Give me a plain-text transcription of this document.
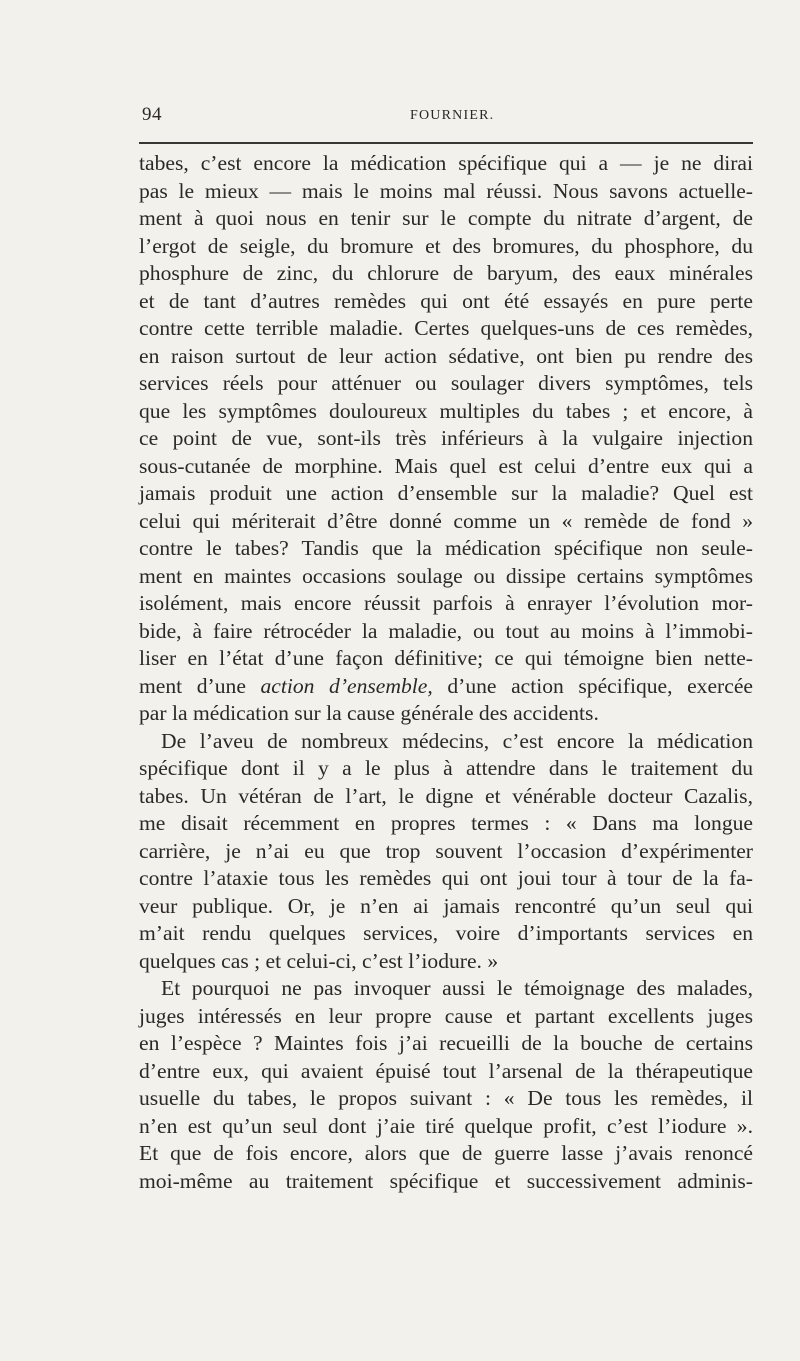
94	FOURNIER.
tabes, c’est encore la médication spécifique qui a — je ne dirai
pas le mieux — mais le moins mal réussi. Nous savons actuelle-
ment à quoi nous en tenir sur le compte du nitrate d’argent, de
l’ergot de seigle, du bromure et des bromures, du phosphore, du
phosphure de zinc, du chlorure de baryum, des eaux minérales
et de tant d’autres remèdes qui ont été essayés en pure perte
contre cette terrible maladie. Certes quelques-uns de ces remèdes,
en raison surtout de leur action sédative, ont bien pu rendre des
services réels pour atténuer ou soulager divers symptômes, tels
que les symptômes douloureux multiples du tabes ; et encore, à
ce point de vue, sont-ils très inférieurs à la vulgaire injection
sous-cutanée de morphine. Mais quel est celui d’entre eux qui a
jamais produit une action d’ensemble sur la maladie? Quel est
celui qui mériterait d’être donné comme un « remède de fond »
contre le tabes? Tandis que la médication spécifique non seule-
ment en maintes occasions soulage ou dissipe certains symptômes
isolément, mais encore réussit parfois à enrayer l’évolution mor-
bide, à faire rétrocéder la maladie, ou tout au moins à l’immobi-
liser en l’état d’une façon définitive; ce qui témoigne bien nette-
ment d’une action d’ensemble, d’une action spécifique, exercée
par la médication sur la cause générale des accidents.
De l’aveu de nombreux médecins, c’est encore la médication
spécifique dont il y a le plus à attendre dans le traitement du
tabes. Un vétéran de l’art, le digne et vénérable docteur Cazalis,
me disait récemment en propres termes : « Dans ma longue
carrière, je n’ai eu que trop souvent l’occasion d’expérimenter
contre l’ataxie tous les remèdes qui ont joui tour à tour de la fa-
veur publique. Or, je n’en ai jamais rencontré qu’un seul qui
m’ait rendu quelques services, voire d’importants services en
quelques cas ; et celui-ci, c’est l’iodure. »
Et pourquoi ne pas invoquer aussi le témoignage des malades,
juges intéressés en leur propre cause et partant excellents juges
en l’espèce ? Maintes fois j’ai recueilli de la bouche de certains
d’entre eux, qui avaient épuisé tout l’arsenal de la thérapeutique
usuelle du tabes, le propos suivant : « De tous les remèdes, il
n’en est qu’un seul dont j’aie tiré quelque profit, c’est l’iodure ».
Et que de fois encore, alors que de guerre lasse j’avais renoncé
moi-même au traitement spécifique et successivement adminis-
